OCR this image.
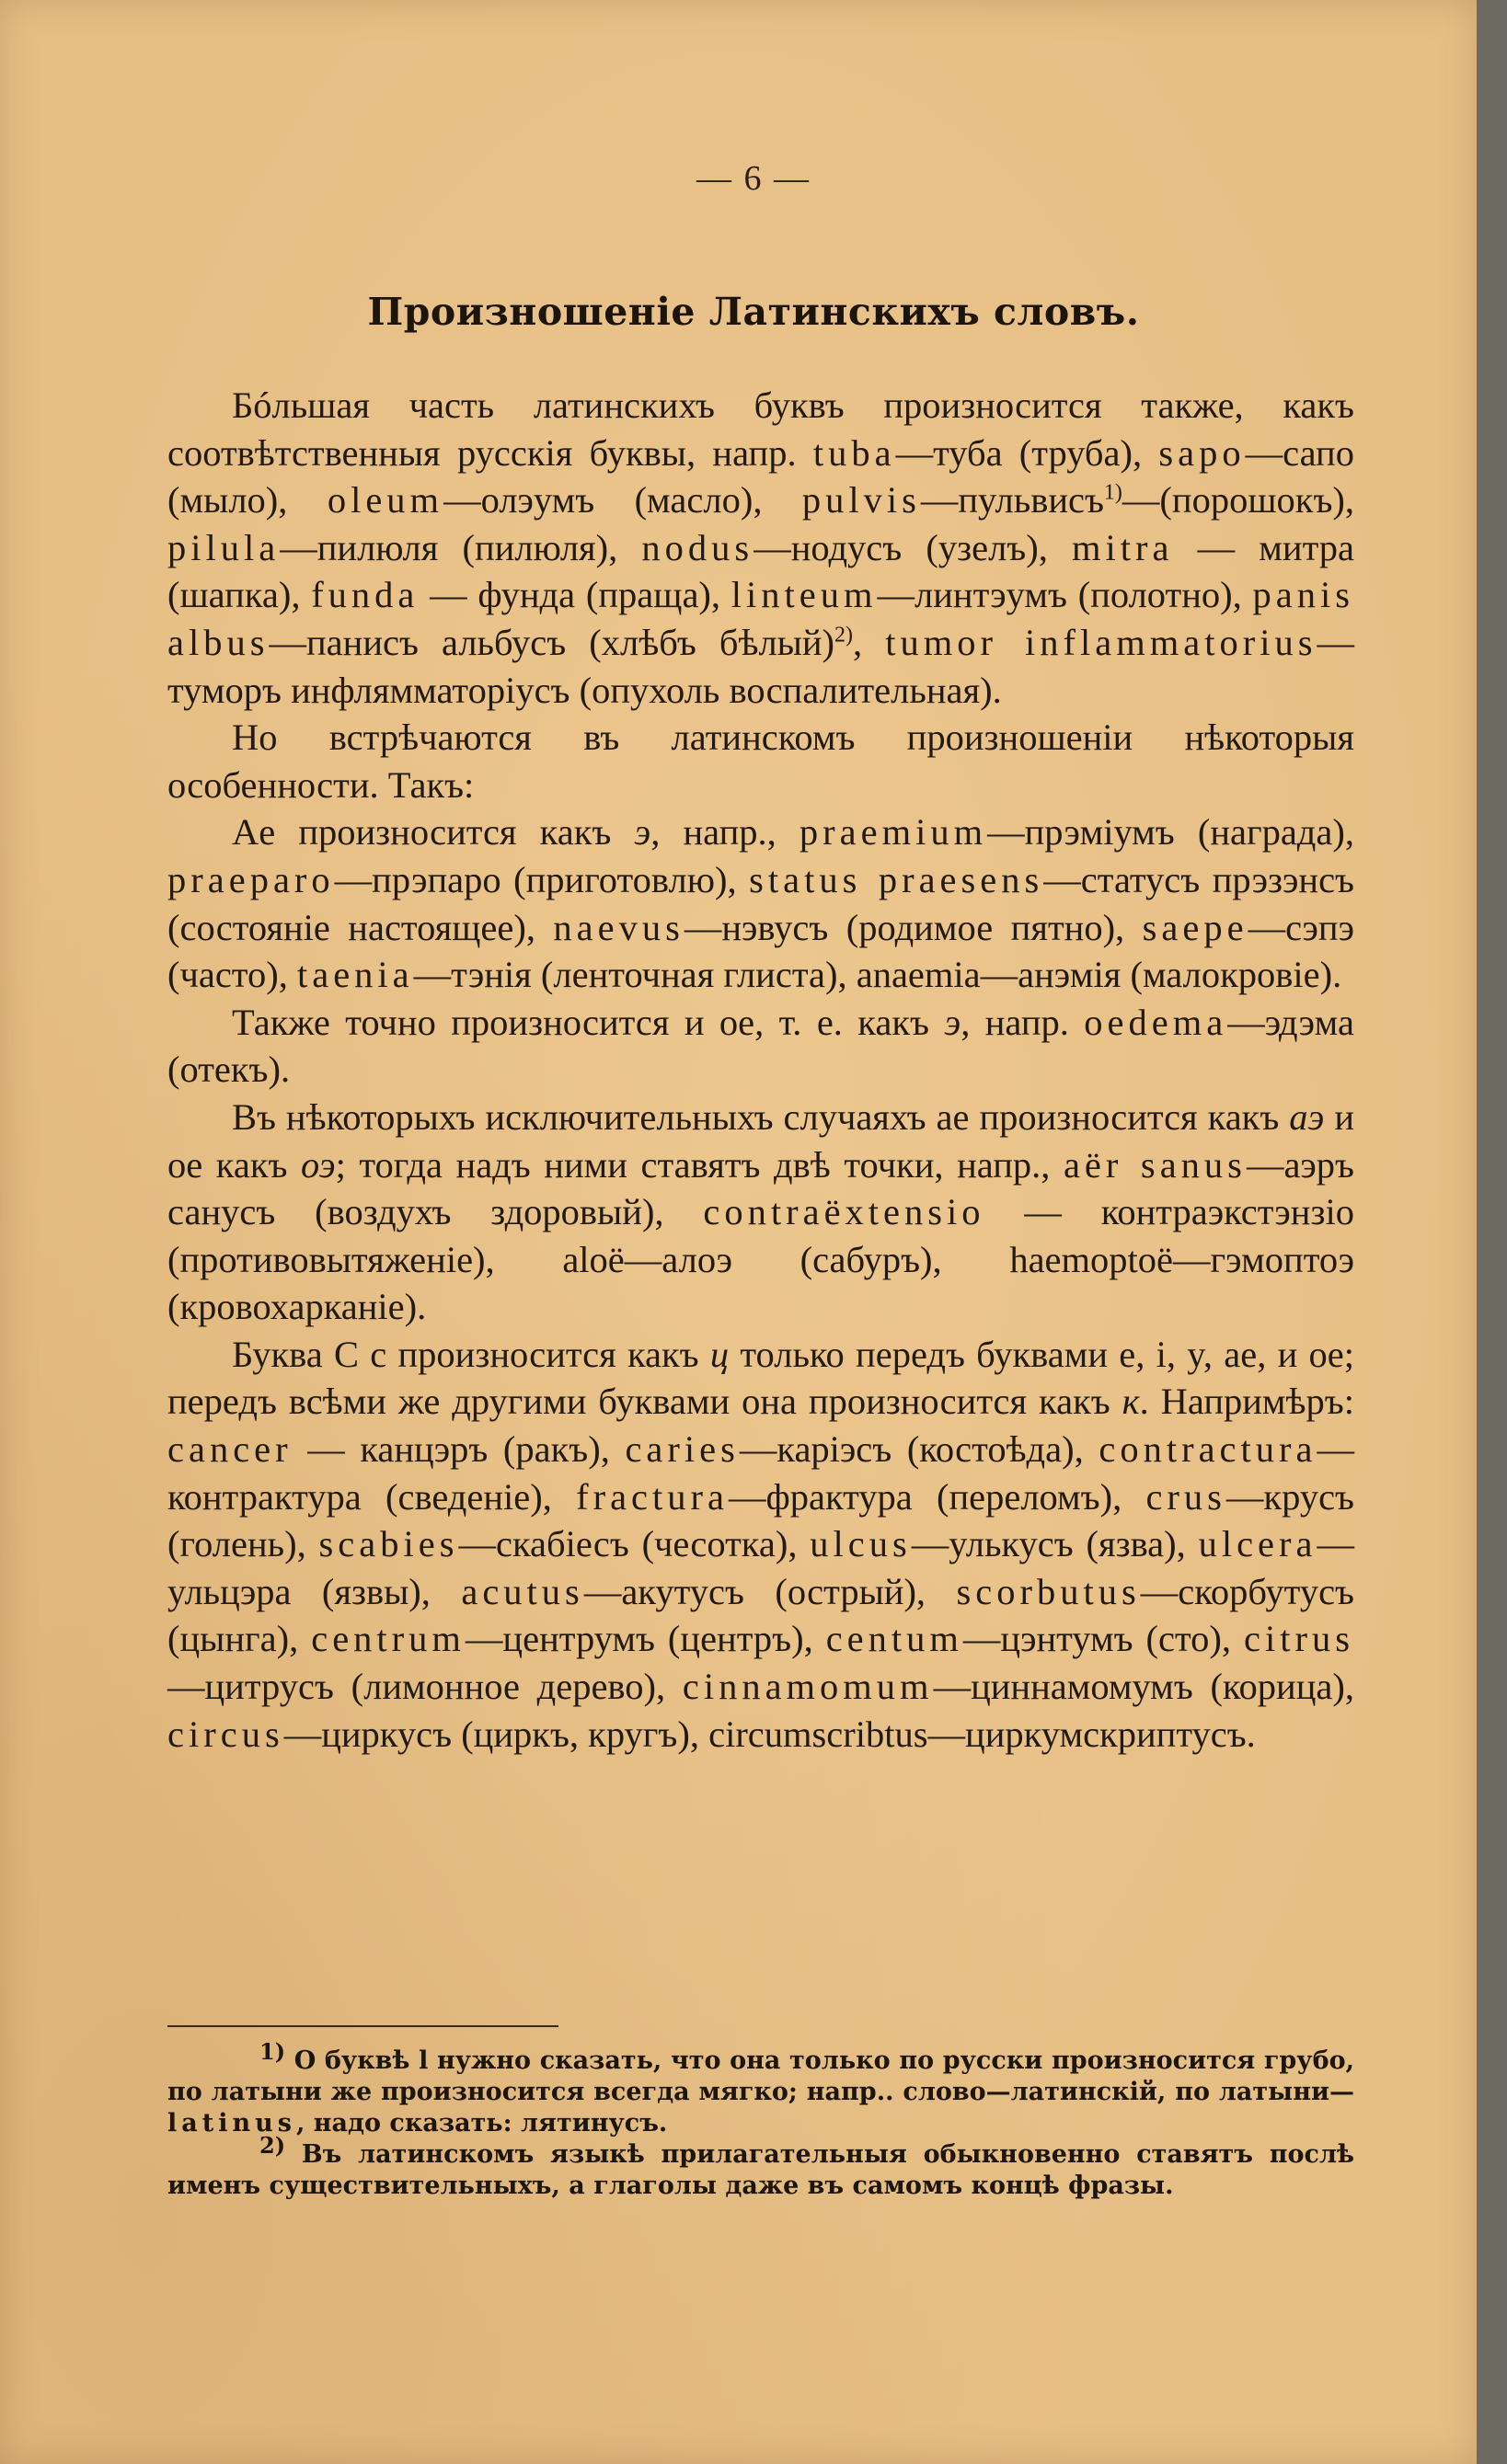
— 6 —
Произношеніе Латинскихъ словъ.

Бóльшая часть латинскихъ буквъ произносится также, какъ соотвѣтственныя русскія буквы, напр. tuba—туба (труба), sapo—сапо (мыло), oleum—олэумъ (масло), pulvis—пульвисъ$^{1)}$—(порошокъ), pilula—пилюля (пилюля), nodus—нодусъ (узелъ), mitra — митра (шапка), funda — фунда (праща), linteum—линтэумъ (полотно), panis albus—панисъ альбусъ (хлѣбъ бѣлый)$^{2)}$, tumor inflammatorius—туморъ инфлямматоріусъ (опухоль воспалительная).

Но встрѣчаются въ латинскомъ произношеніи нѣкоторыя особенности. Такъ:

Ae произносится какъ э, напр., praemium—прэміумъ (награда), praeparo—прэпаро (приготовлю), status praesens—статусъ прэзэнсъ (состояніе настоящее), naevus—нэвусъ (родимое пятно), saepe—сэпэ (часто), taenia—тэнія (ленточная глиста), anaemia—анэмія (малокровіе).

Также точно произносится и oe, т. е. какъ э, напр. oedema—эдэма (отекъ).

Въ нѣкоторыхъ исключительныхъ случаяхъ ae произносится какъ аэ и oe какъ оэ; тогда надъ ними ставятъ двѣ точки, напр., aër sanus—аэръ санусъ (воздухъ здоровый), contraëxtensio — контраэкстэнзіо (противовытяженіе), aloë—алоэ (сабуръ), haemoptoë—гэмоптоэ (кровохарканіе).

Буква C c произносится какъ ц только передъ буквами e, i, y, ae, и oe; передъ всѣми же другими буквами она произносится какъ к. Напримѣръ: cancer — канцэръ (ракъ), caries—каріэсъ (костоѣда), contractura—контрактура (сведеніе), fractura—фрактура (переломъ), crus—крусъ (голень), scabies—скабіесъ (чесотка), ulcus—улькусъ (язва), ulcera—ульцэра (язвы), acutus—акутусъ (острый), scorbutus—скорбутусъ (цынга), centrum—центрумъ (центръ), centum—цэнтумъ (сто), citrus—цитрусъ (лимонное дерево), cinnamomum—циннамомумъ (корица), circus—циркусъ (циркъ, кругъ), circumscribtus—циркумскриптусъ.

$^{1)}$ О буквѣ l нужно сказать, что она только по русски произносится грубо, по латыни же произносится всегда мягко; напр.. слово—латинскій, по латыни—latinus, надо сказать: лятинусъ.

$^{2)}$ Въ латинскомъ языкѣ прилагательныя обыкновенно ставятъ послѣ именъ существительныхъ, а глаголы даже въ самомъ концѣ фразы.
